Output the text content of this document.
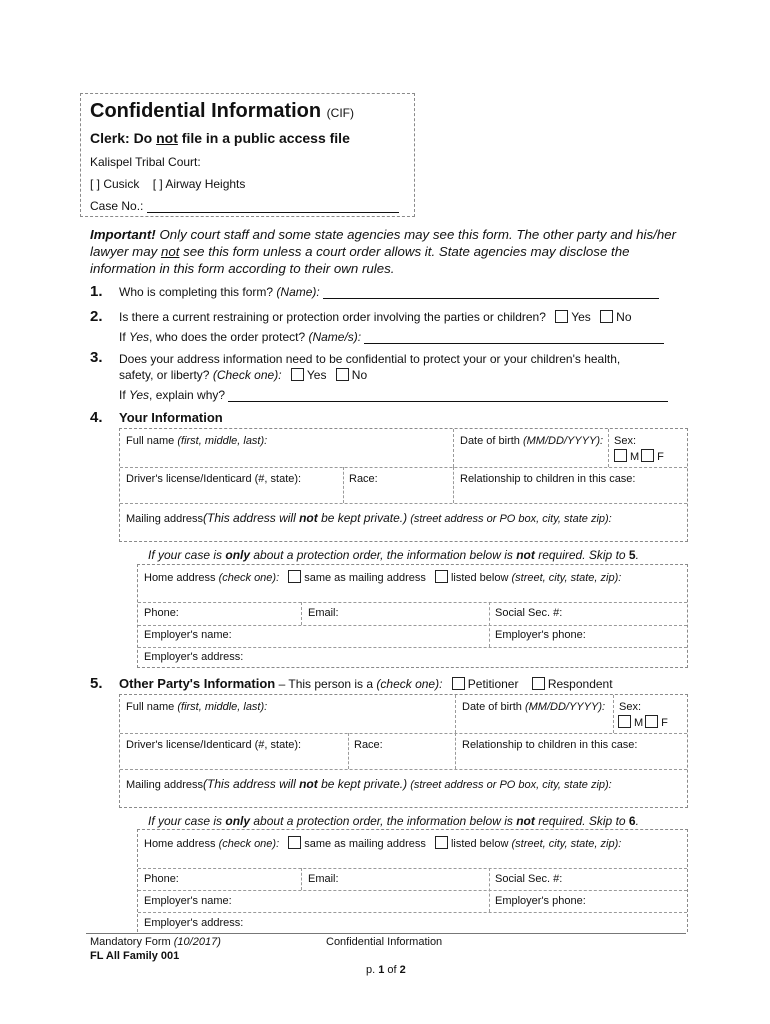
Confidential Information (CIF)
Clerk: Do not file in a public access file
Kalispel Tribal Court:
[ ] Cusick [ ] Airway Heights
Case No.:
Important! Only court staff and some state agencies may see this form. The other party and his/her lawyer may not see this form unless a court order allows it. State agencies may disclose the information in this form according to their own rules.
1. Who is completing this form? (Name):
2. Is there a current restraining or protection order involving the parties or children? Yes No
If Yes, who does the order protect? (Name/s):
3. Does your address information need to be confidential to protect your or your children's health,
safety, or liberty? (Check one): Yes No
If Yes, explain why?
4. Your Information
Full name (first, middle, last):	Date of birth (MM/DD/YYYY): Sex:
M F
Driver's license/Identicard (#, state):	Race:	Relationship to children in this case:
Mailing address(This address will not be kept private.) (street address or PO box, city, state zip):
If your case is only about a protection order, the information below is not required. Skip to 5.
Home address (check one): same as mailing address listed below (street, city, state, zip):
Phone:	Email:	Social Sec. #:
Employer's name:	Employer's phone:
Employer's address:
5. Other Party's Information – This person is a (check one): Petitioner Respondent
Full name (first, middle, last):	Date of birth (MM/DD/YYYY): Sex:
M F
Driver's license/Identicard (#, state):	Race:	Relationship to children in this case:
Mailing address(This address will not be kept private.) (street address or PO box, city, state zip):
If your case is only about a protection order, the information below is not required. Skip to 6.
Home address (check one): same as mailing address listed below (street, city, state, zip):
Phone:	Email:	Social Sec. #:
Employer's name:	Employer's phone:
Employer's address:
Mandatory Form (10/2017)
FL All Family 001
Confidential Information
p. 1 of 2
